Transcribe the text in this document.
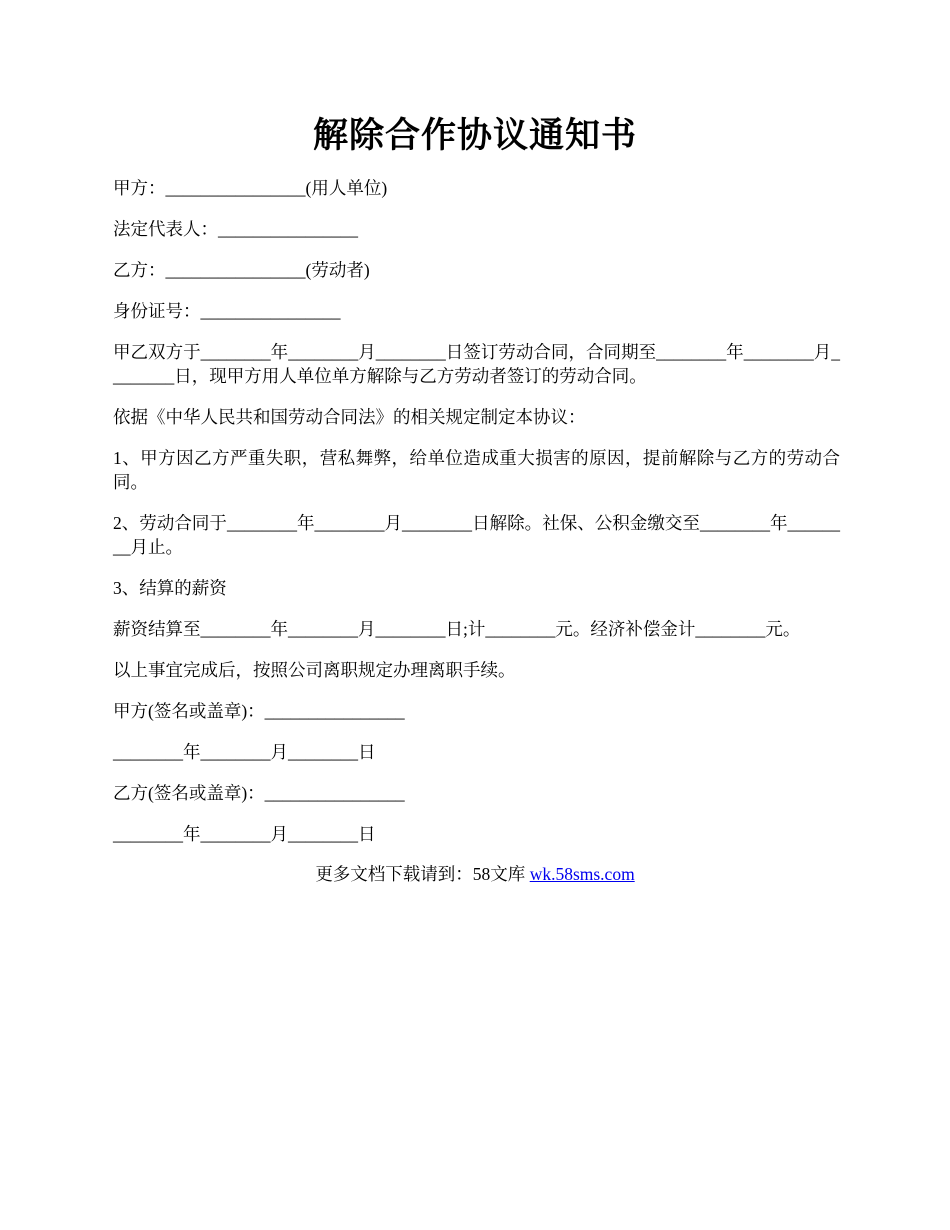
解除合作协议通知书

甲方：________________(用人单位)

法定代表人：________________

乙方：________________(劳动者)

身份证号：________________

甲乙双方于________年________月________日签订劳动合同，合同期至________年________月________日，现甲方用人单位单方解除与乙方劳动者签订的劳动合同。

依据《中华人民共和国劳动合同法》的相关规定制定本协议：

1、甲方因乙方严重失职，营私舞弊，给单位造成重大损害的原因，提前解除与乙方的劳动合同。

2、劳动合同于________年________月________日解除。社保、公积金缴交至________年________月止。

3、结算的薪资

薪资结算至________年________月________日;计________元。经济补偿金计________元。

以上事宜完成后，按照公司离职规定办理离职手续。

甲方(签名或盖章)：________________

________年________月________日

乙方(签名或盖章)：________________

________年________月________日

更多文档下载请到：58文库 wk.58sms.com
